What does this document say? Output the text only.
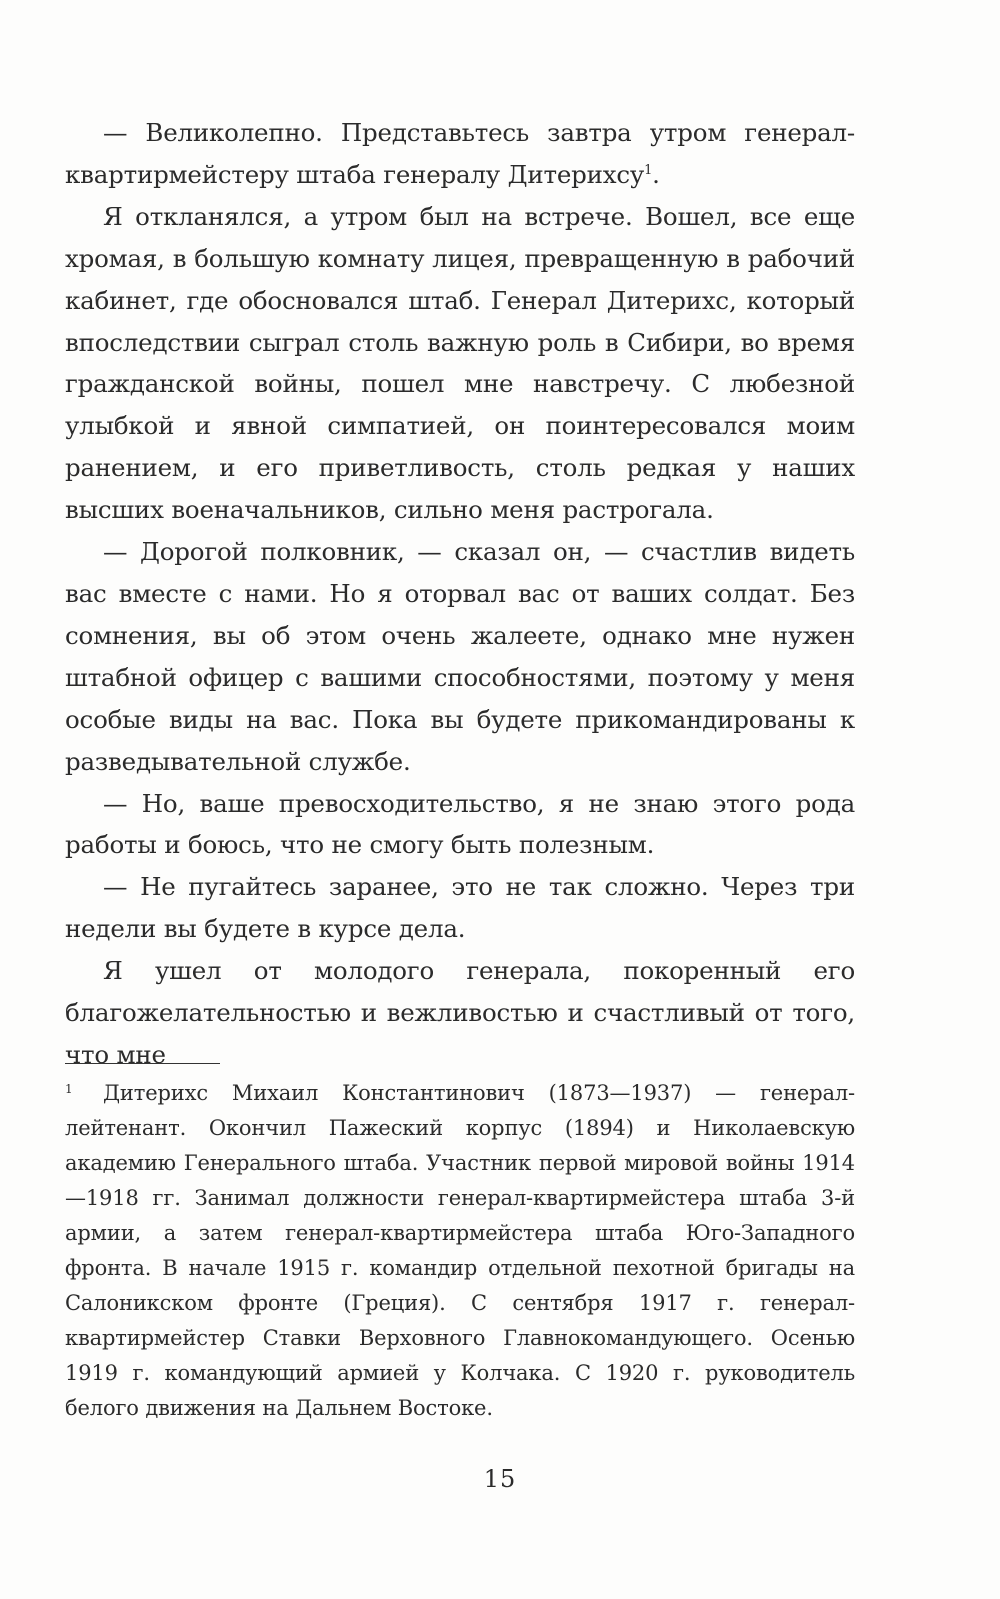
— Великолепно. Представьтесь завтра утром генерал-квартирмейстеру штаба генералу Дитерихсу$^1$.

Я откланялся, а утром был на встрече. Вошел, все еще хромая, в большую комнату лицея, превращенную в рабочий кабинет, где обосновался штаб. Генерал Дитерихс, который впоследствии сыграл столь важную роль в Сибири, во время гражданской войны, пошел мне навстречу. С любезной улыбкой и явной симпатией, он поинтересовался моим ранением, и его приветливость, столь редкая у наших высших военачальников, сильно меня растрогала.

— Дорогой полковник, — сказал он, — счастлив видеть вас вместе с нами. Но я оторвал вас от ваших солдат. Без сомнения, вы об этом очень жалеете, однако мне нужен штабной офицер с вашими способностями, поэтому у меня особые виды на вас. Пока вы будете прикомандированы к разведывательной службе.

— Но, ваше превосходительство, я не знаю этого рода работы и боюсь, что не смогу быть полезным.

— Не пугайтесь заранее, это не так сложно. Через три недели вы будете в курсе дела.

Я ушел от молодого генерала, покоренный его благожелательностью и вежливостью и счастливый от того, что мне

1 Дитерихс Михаил Константинович (1873—1937) — генерал-лейтенант. Окончил Пажеский корпус (1894) и Николаевскую академию Генерального штаба. Участник первой мировой войны 1914—1918 гг. Занимал должности генерал-квартирмейстера штаба 3-й армии, а затем генерал-квартирмейстера штаба Юго-Западного фронта. В начале 1915 г. командир отдельной пехотной бригады на Салоникском фронте (Греция). С сентября 1917 г. генерал-квартирмейстер Ставки Верховного Главнокомандующего. Осенью 1919 г. командующий армией у Колчака. С 1920 г. руководитель белого движения на Дальнем Востоке.

15
